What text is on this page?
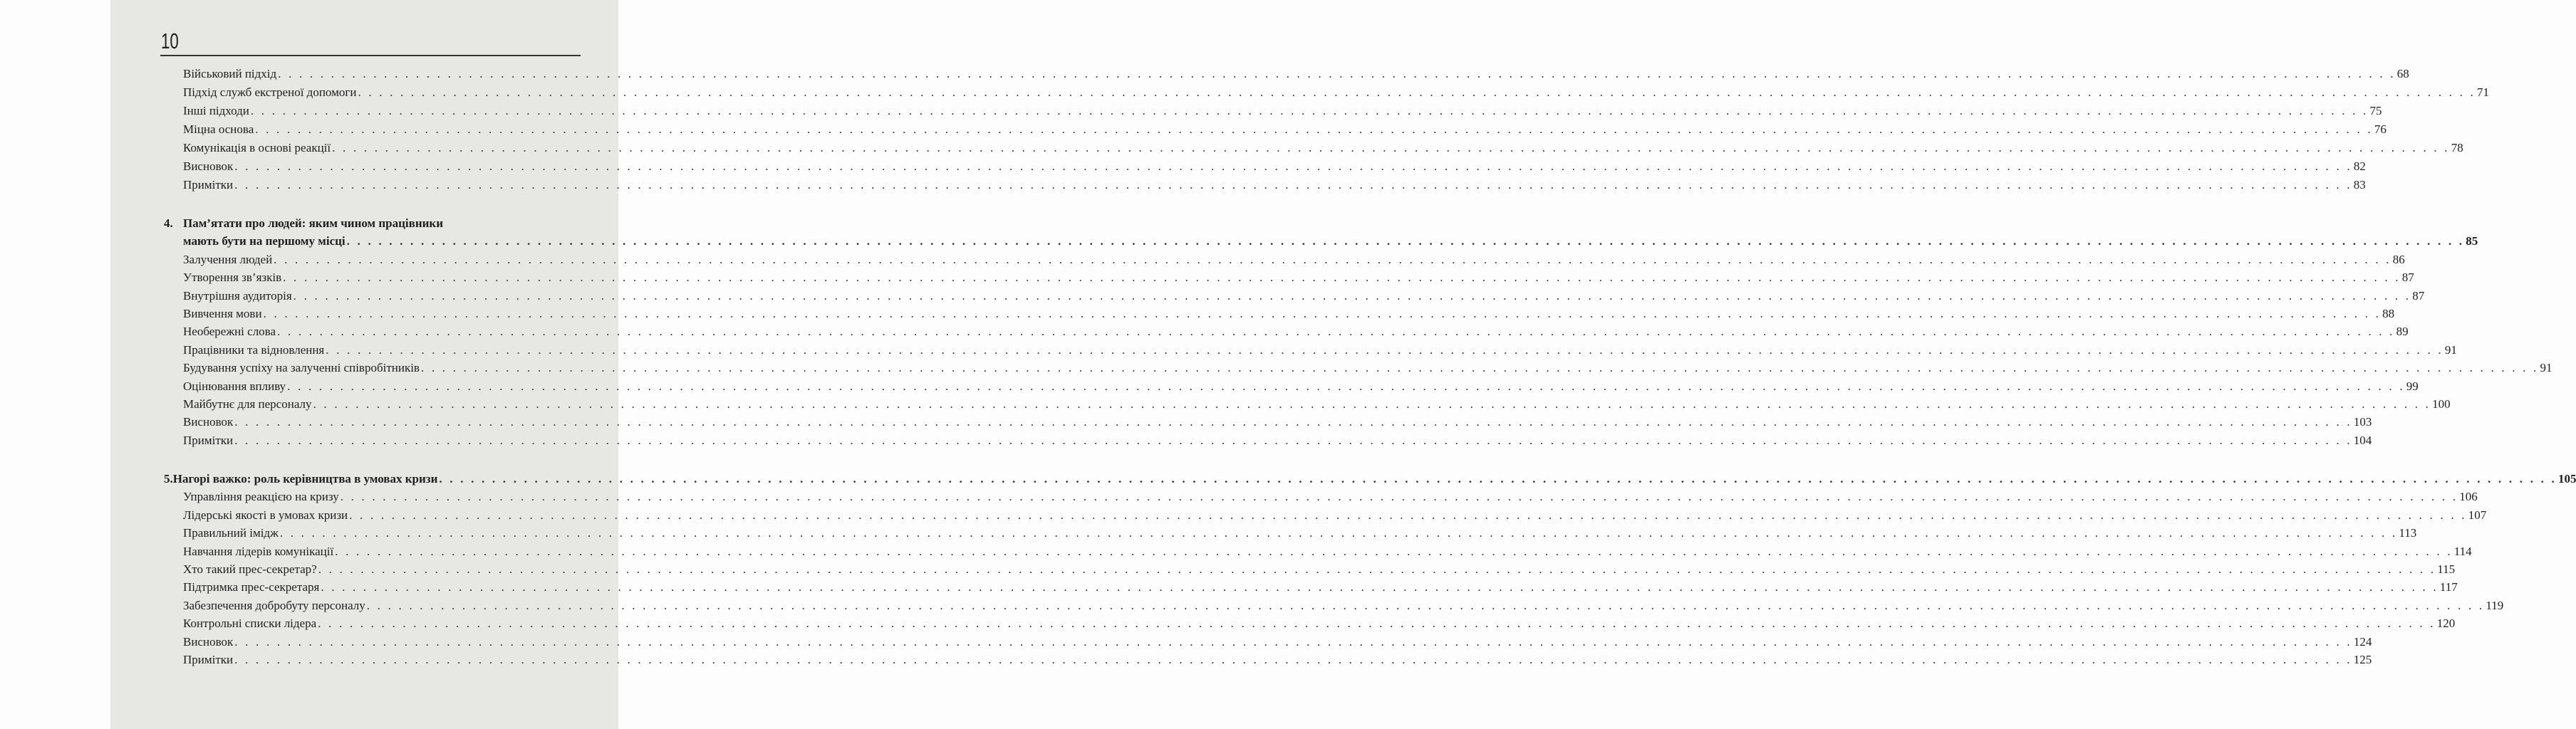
10
Військовий підхід . . . . . . . . . . . . . . . . . . . . . . . . . . . . . . . . . . . . . . . . . . . . . . . . . . . . . . . . . . . . . . . . . . . . . . . . . . . . . . . . . . . . . . . . . . . . . . . . . . . . . . . . . . . . . . . . . . . . . . . . . . . . . . . . . . . . . . . . . . . . . . . . . . . . . . . . . . . . . . . . . . . . . . . . . . . . . . . . . . . . . . . . . . . . . . . . . . . . . . . . 68
Підхід служб екстреної допомоги . . . . . . . . . . . . . . . . . . . . . . . . . . . . . . . . . . . . . . . . . . . . . . . . . . . . . . . . . . . . . . . . . . . . . . . . . . . . . . . . . . . . . . . . . . . . . . . . . . . . . . . . . . . . . . . . . . . . . . . . . . . . . . . . . . . . . . . . . . . . . . . . . . . . . . . . . . . . . . . . . . . . . . . . . . . . . . . . . . . . . . . . . . . . . . . . . . . . . . . . 71
Інші підходи . . . . . . . . . . . . . . . . . . . . . . . . . . . . . . . . . . . . . . . . . . . . . . . . . . . . . . . . . . . . . . . . . . . . . . . . . . . . . . . . . . . . . . . . . . . . . . . . . . . . . . . . . . . . . . . . . . . . . . . . . . . . . . . . . . . . . . . . . . . . . . . . . . . . . . . . . . . . . . . . . . . . . . . . . . . . . . . . . . . . . . . . . . . . . . . . . . . . . . . . 75
Міцна основа . . . . . . . . . . . . . . . . . . . . . . . . . . . . . . . . . . . . . . . . . . . . . . . . . . . . . . . . . . . . . . . . . . . . . . . . . . . . . . . . . . . . . . . . . . . . . . . . . . . . . . . . . . . . . . . . . . . . . . . . . . . . . . . . . . . . . . . . . . . . . . . . . . . . . . . . . . . . . . . . . . . . . . . . . . . . . . . . . . . . . . . . . . . . . . . . . . . . . . . . 76
Комунікація в основі реакції . . . . . . . . . . . . . . . . . . . . . . . . . . . . . . . . . . . . . . . . . . . . . . . . . . . . . . . . . . . . . . . . . . . . . . . . . . . . . . . . . . . . . . . . . . . . . . . . . . . . . . . . . . . . . . . . . . . . . . . . . . . . . . . . . . . . . . . . . . . . . . . . . . . . . . . . . . . . . . . . . . . . . . . . . . . . . . . . . . . . . . . . . . . . . . . . . . . . . . . . 78
Висновок . . . . . . . . . . . . . . . . . . . . . . . . . . . . . . . . . . . . . . . . . . . . . . . . . . . . . . . . . . . . . . . . . . . . . . . . . . . . . . . . . . . . . . . . . . . . . . . . . . . . . . . . . . . . . . . . . . . . . . . . . . . . . . . . . . . . . . . . . . . . . . . . . . . . . . . . . . . . . . . . . . . . . . . . . . . . . . . . . . . . . . . . . . . . . . . . . . . . . . . . 82
Примітки . . . . . . . . . . . . . . . . . . . . . . . . . . . . . . . . . . . . . . . . . . . . . . . . . . . . . . . . . . . . . . . . . . . . . . . . . . . . . . . . . . . . . . . . . . . . . . . . . . . . . . . . . . . . . . . . . . . . . . . . . . . . . . . . . . . . . . . . . . . . . . . . . . . . . . . . . . . . . . . . . . . . . . . . . . . . . . . . . . . . . . . . . . . . . . . . . . . . . . . . 83
4. Пам’ятати про людей: яким чином працівники
мають бути на першому місці . . . . . . . . . . . . . . . . . . . . . . . . . . . . . . . . . . . . . . . . . . . . . . . . . . . . . . . . . . . . . . . . . . . . . . . . . . . . . . . . . . . . . . . . . . . . . . . . . . . . . . . . . . . . . . . . . . . . . . . . . . . . . . . . . . . . . . . . . . . . . . . . . . . . . . . . . . . . . . . . . . . . . . . . . . . . . . . . . . . . . . . . . . . . . . . . . . . . . . . . 85
Залучення людей . . . . . . . . . . . . . . . . . . . . . . . . . . . . . . . . . . . . . . . . . . . . . . . . . . . . . . . . . . . . . . . . . . . . . . . . . . . . . . . . . . . . . . . . . . . . . . . . . . . . . . . . . . . . . . . . . . . . . . . . . . . . . . . . . . . . . . . . . . . . . . . . . . . . . . . . . . . . . . . . . . . . . . . . . . . . . . . . . . . . . . . . . . . . . . . . . . . . . . . . 86
Утворення зв’язків . . . . . . . . . . . . . . . . . . . . . . . . . . . . . . . . . . . . . . . . . . . . . . . . . . . . . . . . . . . . . . . . . . . . . . . . . . . . . . . . . . . . . . . . . . . . . . . . . . . . . . . . . . . . . . . . . . . . . . . . . . . . . . . . . . . . . . . . . . . . . . . . . . . . . . . . . . . . . . . . . . . . . . . . . . . . . . . . . . . . . . . . . . . . . . . . . . . . . . . . 87
Внутрішня аудиторія . . . . . . . . . . . . . . . . . . . . . . . . . . . . . . . . . . . . . . . . . . . . . . . . . . . . . . . . . . . . . . . . . . . . . . . . . . . . . . . . . . . . . . . . . . . . . . . . . . . . . . . . . . . . . . . . . . . . . . . . . . . . . . . . . . . . . . . . . . . . . . . . . . . . . . . . . . . . . . . . . . . . . . . . . . . . . . . . . . . . . . . . . . . . . . . . . . . . . . . . 87
Вивчення мови . . . . . . . . . . . . . . . . . . . . . . . . . . . . . . . . . . . . . . . . . . . . . . . . . . . . . . . . . . . . . . . . . . . . . . . . . . . . . . . . . . . . . . . . . . . . . . . . . . . . . . . . . . . . . . . . . . . . . . . . . . . . . . . . . . . . . . . . . . . . . . . . . . . . . . . . . . . . . . . . . . . . . . . . . . . . . . . . . . . . . . . . . . . . . . . . . . . . . . . . 88
Необережні слова . . . . . . . . . . . . . . . . . . . . . . . . . . . . . . . . . . . . . . . . . . . . . . . . . . . . . . . . . . . . . . . . . . . . . . . . . . . . . . . . . . . . . . . . . . . . . . . . . . . . . . . . . . . . . . . . . . . . . . . . . . . . . . . . . . . . . . . . . . . . . . . . . . . . . . . . . . . . . . . . . . . . . . . . . . . . . . . . . . . . . . . . . . . . . . . . . . . . . . . . 89
Працівники та відновлення . . . . . . . . . . . . . . . . . . . . . . . . . . . . . . . . . . . . . . . . . . . . . . . . . . . . . . . . . . . . . . . . . . . . . . . . . . . . . . . . . . . . . . . . . . . . . . . . . . . . . . . . . . . . . . . . . . . . . . . . . . . . . . . . . . . . . . . . . . . . . . . . . . . . . . . . . . . . . . . . . . . . . . . . . . . . . . . . . . . . . . . . . . . . . . . . . . . . . . . . 91
Будування успіху на залученні співробітників . . . . . . . . . . . . . . . . . . . . . . . . . . . . . . . . . . . . . . . . . . . . . . . . . . . . . . . . . . . . . . . . . . . . . . . . . . . . . . . . . . . . . . . . . . . . . . . . . . . . . . . . . . . . . . . . . . . . . . . . . . . . . . . . . . . . . . . . . . . . . . . . . . . . . . . . . . . . . . . . . . . . . . . . . . . . . . . . . . . . . . . . . . . . . . . . . . . . . . . . 91
Оцінювання впливу . . . . . . . . . . . . . . . . . . . . . . . . . . . . . . . . . . . . . . . . . . . . . . . . . . . . . . . . . . . . . . . . . . . . . . . . . . . . . . . . . . . . . . . . . . . . . . . . . . . . . . . . . . . . . . . . . . . . . . . . . . . . . . . . . . . . . . . . . . . . . . . . . . . . . . . . . . . . . . . . . . . . . . . . . . . . . . . . . . . . . . . . . . . . . . . . . . . . . . . . 99
Майбутнє для персоналу . . . . . . . . . . . . . . . . . . . . . . . . . . . . . . . . . . . . . . . . . . . . . . . . . . . . . . . . . . . . . . . . . . . . . . . . . . . . . . . . . . . . . . . . . . . . . . . . . . . . . . . . . . . . . . . . . . . . . . . . . . . . . . . . . . . . . . . . . . . . . . . . . . . . . . . . . . . . . . . . . . . . . . . . . . . . . . . . . . . . . . . . . . . . . . . . . . . . . . . . 100
Висновок . . . . . . . . . . . . . . . . . . . . . . . . . . . . . . . . . . . . . . . . . . . . . . . . . . . . . . . . . . . . . . . . . . . . . . . . . . . . . . . . . . . . . . . . . . . . . . . . . . . . . . . . . . . . . . . . . . . . . . . . . . . . . . . . . . . . . . . . . . . . . . . . . . . . . . . . . . . . . . . . . . . . . . . . . . . . . . . . . . . . . . . . . . . . . . . . . . . . . . . . 103
Примітки . . . . . . . . . . . . . . . . . . . . . . . . . . . . . . . . . . . . . . . . . . . . . . . . . . . . . . . . . . . . . . . . . . . . . . . . . . . . . . . . . . . . . . . . . . . . . . . . . . . . . . . . . . . . . . . . . . . . . . . . . . . . . . . . . . . . . . . . . . . . . . . . . . . . . . . . . . . . . . . . . . . . . . . . . . . . . . . . . . . . . . . . . . . . . . . . . . . . . . . . 104
5. Нагорі важко: роль керівництва в умовах кризи . . . . . . . . . . . . . . . . . . . . . . . . . . . . . . . . . . . . . . . . . . . . . . . . . . . . . . . . . . . . . . . . . . . . . . . . . . . . . . . . . . . . . . . . . . . . . . . . . . . . . . . . . . . . . . . . . . . . . . . . . . . . . . . . . . . . . . . . . . . . . . . . . . . . . . . . . . . . . . . . . . . . . . . . . . . . . . . . . . . . . . . . . . . . . . . . . . . . . . . . 105
Управління реакцією на кризу . . . . . . . . . . . . . . . . . . . . . . . . . . . . . . . . . . . . . . . . . . . . . . . . . . . . . . . . . . . . . . . . . . . . . . . . . . . . . . . . . . . . . . . . . . . . . . . . . . . . . . . . . . . . . . . . . . . . . . . . . . . . . . . . . . . . . . . . . . . . . . . . . . . . . . . . . . . . . . . . . . . . . . . . . . . . . . . . . . . . . . . . . . . . . . . . . . . . . . . . 106
Лідерські якості в умовах кризи . . . . . . . . . . . . . . . . . . . . . . . . . . . . . . . . . . . . . . . . . . . . . . . . . . . . . . . . . . . . . . . . . . . . . . . . . . . . . . . . . . . . . . . . . . . . . . . . . . . . . . . . . . . . . . . . . . . . . . . . . . . . . . . . . . . . . . . . . . . . . . . . . . . . . . . . . . . . . . . . . . . . . . . . . . . . . . . . . . . . . . . . . . . . . . . . . . . . . . . . 107
Правильний імідж . . . . . . . . . . . . . . . . . . . . . . . . . . . . . . . . . . . . . . . . . . . . . . . . . . . . . . . . . . . . . . . . . . . . . . . . . . . . . . . . . . . . . . . . . . . . . . . . . . . . . . . . . . . . . . . . . . . . . . . . . . . . . . . . . . . . . . . . . . . . . . . . . . . . . . . . . . . . . . . . . . . . . . . . . . . . . . . . . . . . . . . . . . . . . . . . . . . . . . . . 113
Навчання лідерів комунікації . . . . . . . . . . . . . . . . . . . . . . . . . . . . . . . . . . . . . . . . . . . . . . . . . . . . . . . . . . . . . . . . . . . . . . . . . . . . . . . . . . . . . . . . . . . . . . . . . . . . . . . . . . . . . . . . . . . . . . . . . . . . . . . . . . . . . . . . . . . . . . . . . . . . . . . . . . . . . . . . . . . . . . . . . . . . . . . . . . . . . . . . . . . . . . . . . . . . . . . . 114
Хто такий прес-секретар? . . . . . . . . . . . . . . . . . . . . . . . . . . . . . . . . . . . . . . . . . . . . . . . . . . . . . . . . . . . . . . . . . . . . . . . . . . . . . . . . . . . . . . . . . . . . . . . . . . . . . . . . . . . . . . . . . . . . . . . . . . . . . . . . . . . . . . . . . . . . . . . . . . . . . . . . . . . . . . . . . . . . . . . . . . . . . . . . . . . . . . . . . . . . . . . . . . . . . . . . 115
Підтримка прес-секретаря . . . . . . . . . . . . . . . . . . . . . . . . . . . . . . . . . . . . . . . . . . . . . . . . . . . . . . . . . . . . . . . . . . . . . . . . . . . . . . . . . . . . . . . . . . . . . . . . . . . . . . . . . . . . . . . . . . . . . . . . . . . . . . . . . . . . . . . . . . . . . . . . . . . . . . . . . . . . . . . . . . . . . . . . . . . . . . . . . . . . . . . . . . . . . . . . . . . . . . . . 117
Забезпечення добробуту персоналу . . . . . . . . . . . . . . . . . . . . . . . . . . . . . . . . . . . . . . . . . . . . . . . . . . . . . . . . . . . . . . . . . . . . . . . . . . . . . . . . . . . . . . . . . . . . . . . . . . . . . . . . . . . . . . . . . . . . . . . . . . . . . . . . . . . . . . . . . . . . . . . . . . . . . . . . . . . . . . . . . . . . . . . . . . . . . . . . . . . . . . . . . . . . . . . . . . . . . . . . 119
Контрольні списки лідера . . . . . . . . . . . . . . . . . . . . . . . . . . . . . . . . . . . . . . . . . . . . . . . . . . . . . . . . . . . . . . . . . . . . . . . . . . . . . . . . . . . . . . . . . . . . . . . . . . . . . . . . . . . . . . . . . . . . . . . . . . . . . . . . . . . . . . . . . . . . . . . . . . . . . . . . . . . . . . . . . . . . . . . . . . . . . . . . . . . . . . . . . . . . . . . . . . . . . . . . 120
Висновок . . . . . . . . . . . . . . . . . . . . . . . . . . . . . . . . . . . . . . . . . . . . . . . . . . . . . . . . . . . . . . . . . . . . . . . . . . . . . . . . . . . . . . . . . . . . . . . . . . . . . . . . . . . . . . . . . . . . . . . . . . . . . . . . . . . . . . . . . . . . . . . . . . . . . . . . . . . . . . . . . . . . . . . . . . . . . . . . . . . . . . . . . . . . . . . . . . . . . . . . 124
Примітки . . . . . . . . . . . . . . . . . . . . . . . . . . . . . . . . . . . . . . . . . . . . . . . . . . . . . . . . . . . . . . . . . . . . . . . . . . . . . . . . . . . . . . . . . . . . . . . . . . . . . . . . . . . . . . . . . . . . . . . . . . . . . . . . . . . . . . . . . . . . . . . . . . . . . . . . . . . . . . . . . . . . . . . . . . . . . . . . . . . . . . . . . . . . . . . . . . . . . . . . 125
